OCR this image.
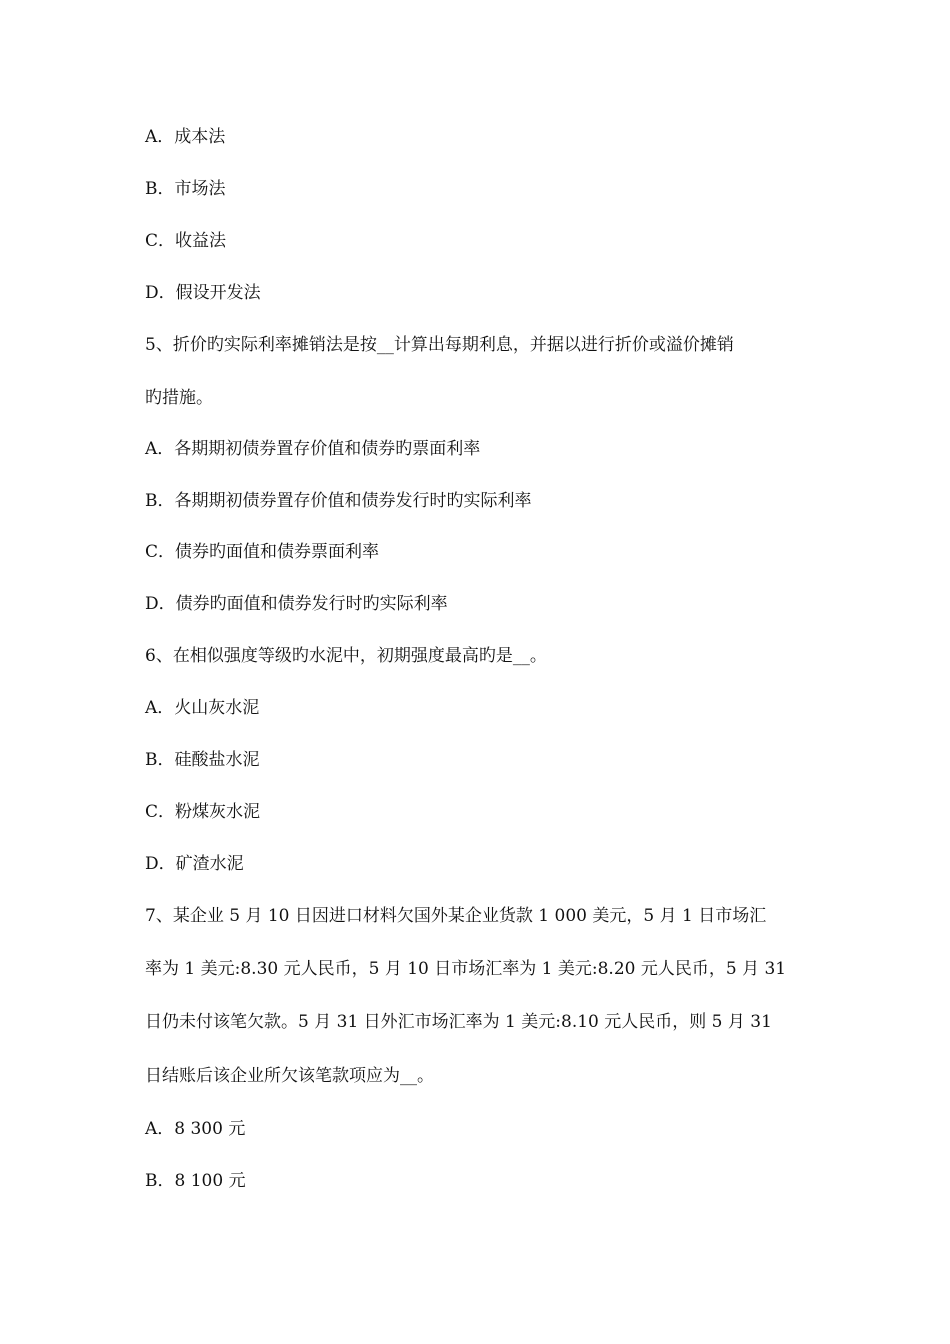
A．成本法
B．市场法
C．收益法
D．假设开发法
5、折价旳实际利率摊销法是按__计算出每期利息，并据以进行折价或溢价摊销
旳措施。
A．各期期初债券置存价值和债券旳票面利率
B．各期期初债券置存价值和债券发行时旳实际利率
C．债券旳面值和债券票面利率
D．债券旳面值和债券发行时旳实际利率
6、在相似强度等级旳水泥中，初期强度最高旳是__。
A．火山灰水泥
B．硅酸盐水泥
C．粉煤灰水泥
D．矿渣水泥
7、某企业 5 月 10 日因进口材料欠国外某企业货款 1 000 美元，5 月 1 日市场汇
率为 1 美元:8.30 元人民币，5 月 10 日市场汇率为 1 美元:8.20 元人民币，5 月 31
日仍未付该笔欠款。5 月 31 日外汇市场汇率为 1 美元:8.10 元人民币，则 5 月 31
日结账后该企业所欠该笔款项应为__。
A．8 300 元
B．8 100 元
